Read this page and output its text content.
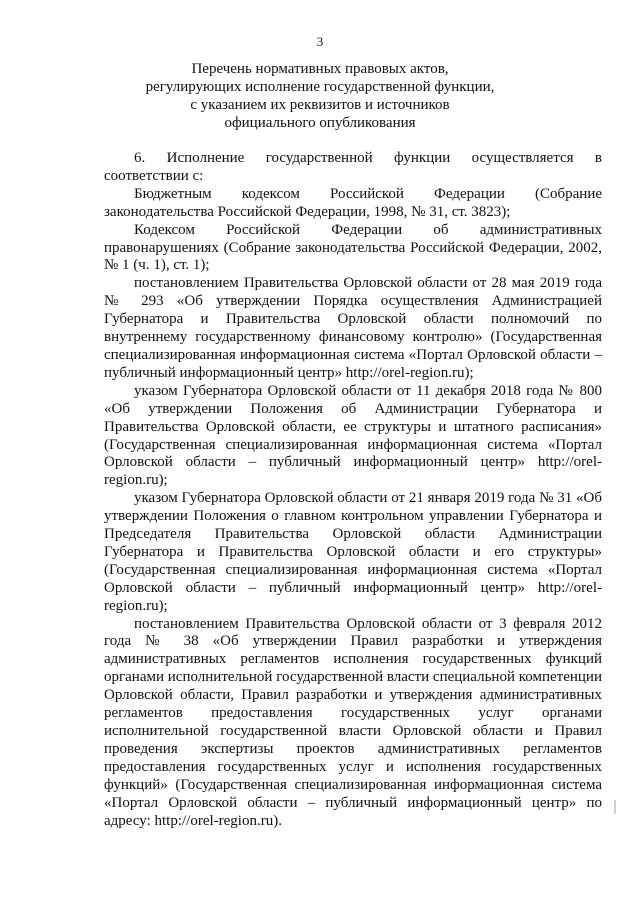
3
Перечень нормативных правовых актов,
регулирующих исполнение государственной функции,
с указанием их реквизитов и источников
официального опубликования

6. Исполнение государственной функции осуществляется в соответствии с:

Бюджетным кодексом Российской Федерации (Собрание законодательства Российской Федерации, 1998, № 31, ст. 3823);

Кодексом Российской Федерации об административных правонарушениях (Собрание законодательства Российской Федерации, 2002, № 1 (ч. 1), ст. 1);

постановлением Правительства Орловской области от 28 мая 2019 года № 293 «Об утверждении Порядка осуществления Администрацией Губернатора и Правительства Орловской области полномочий по внутреннему государственному финансовому контролю» (Государственная специализированная информационная система «Портал Орловской области – публичный информационный центр» http://orel-region.ru);

указом Губернатора Орловской области от 11 декабря 2018 года № 800 «Об утверждении Положения об Администрации Губернатора и Правительства Орловской области, ее структуры и штатного расписания» (Государственная специализированная информационная система «Портал Орловской области – публичный информационный центр» http://orel-region.ru);

указом Губернатора Орловской области от 21 января 2019 года № 31 «Об утверждении Положения о главном контрольном управлении Губернатора и Председателя Правительства Орловской области Администрации Губернатора и Правительства Орловской области и его структуры» (Государственная специализированная информационная система «Портал Орловской области – публичный информационный центр» http://orel-region.ru);

постановлением Правительства Орловской области от 3 февраля 2012 года № 38 «Об утверждении Правил разработки и утверждения административных регламентов исполнения государственных функций органами исполнительной государственной власти специальной компетенции Орловской области, Правил разработки и утверждения административных регламентов предоставления государственных услуг органами исполнительной государственной власти Орловской области и Правил проведения экспертизы проектов административных регламентов предоставления государственных услуг и исполнения государственных функций» (Государственная специализированная информационная система «Портал Орловской области – публичный информационный центр» по адресу: http://orel-region.ru).
